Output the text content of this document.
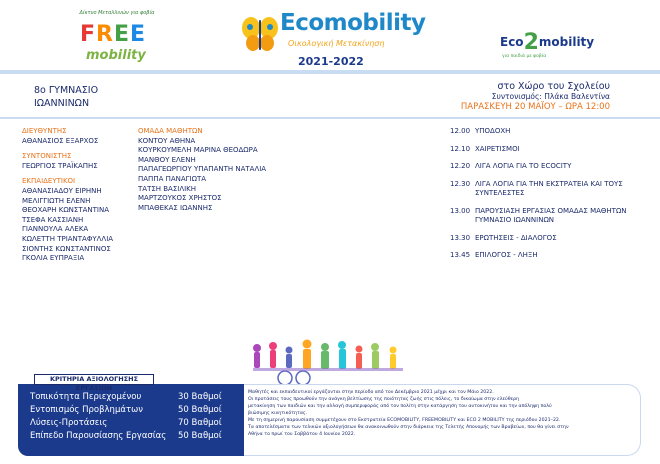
Δίκτυο Μεταλλινών για φοβία
FREE
mobility
Ecomobility
Οικολογική Μετακίνηση
2021-2022
Eco2mobility
για παιδιά με φοβία
8ο ΓΥΜΝΑΣΙΟ
ΙΩΑΝΝΙΝΩΝ
στο Χώρο του Σχολείου
Συντονισμός: Πλάκα Βαλεντίνα
ΠΑΡΑΣΚΕΥΗ 20 ΜΑΪΟΥ – ΩΡΑ 12:00
ΔΙΕΥΘΥΝΤΗΣ
ΑΘΑΝΑΣΙΟΣ ΕΞΑΡΧΟΣ
ΣΥΝΤΟΝΙΣΤΗΣ
ΓΕΩΡΓΙΟΣ ΤΡΑΪΚΑΠΗΣ
ΕΚΠΑΙΔΕΥΤΙΚΟΙ
ΑΘΑΝΑΣΙΑΔΟΥ ΕΙΡΗΝΗ
ΜΕΛΙΓΓΙΩΤΗ ΕΛΕΝΗ
ΘΕΟΧΑΡΗ ΚΩΝΣΤΑΝΤΙΝΑ
ΤΣΕΦΑ ΚΑΣΣΙΑΝΗ
ΓΙΑΝΝΟΥΛΑ ΑΛΕΚΑ
ΚΩΛΕΤΤΗ ΤΡΙΑΝΤΑΦΥΛΛΙΑ
ΣΙΟΝΤΗΣ ΚΩΝΣΤΑΝΤΙΝΟΣ
ΓΚΟΛΙΑ ΕΥΠΡΑΞΙΑ
ΟΜΑΔΑ ΜΑΘΗΤΩΝ
ΚΟΝΤΟΥ ΑΘΗΝΑ
ΚΟΥΡΚΟΥΜΕΛΗ ΜΑΡΙΝΑ ΘΕΟΔΩΡΑ
ΜΑΝΘΟΥ ΕΛΕΝΗ
ΠΑΠΑΓΕΩΡΓΙΟΥ ΥΠΑΠΑΝΤΗ ΝΑΤΑΛΙΑ
ΠΑΠΠΑ ΠΑΝΑΓΙΩΤΑ
ΤΑΤΣΗ ΒΑΣΙΛΙΚΗ
ΜΑΡΤΖΟΥΚΟΣ ΧΡΗΣΤΟΣ
ΜΠΑΘΕΚΑΣ ΙΩΑΝΝΗΣ
12.00 ΥΠΟΔΟΧΗ
12.10 ΧΑΙΡΕΤΙΣΜΟΙ
12.20 ΛΙΓΑ ΛΟΓΙΑ ΓΙΑ ΤΟ ECOCITY
12.30 ΛΙΓΑ ΛΟΓΙΑ ΓΙΑ ΤΗΝ ΕΚΣΤΡΑΤΕΙΑ ΚΑΙ ΤΟΥΣ ΣΥΝΤΕΛΕΣΤΕΣ
13.00 ΠΑΡΟΥΣΙΑΣΗ ΕΡΓΑΣΙΑΣ ΟΜΑΔΑΣ ΜΑΘΗΤΩΝ ΓΥΜΝΑΣΙΟ ΙΩΑΝΝΙΝΩΝ
13.30 ΕΡΩΤΗΣΕΙΣ - ΔΙΑΛΟΓΟΣ
13.45 ΕΠΙΛΟΓΟΣ - ΛΗΞΗ
ΚΡΙΤΗΡΙΑ ΑΞΙΟΛΟΓΗΣΗΣ ΕΡΓΑΣΙΩΝ
Τοπικότητα Περιεχομένου	30 Βαθμοί
Εντοπισμός Προβλημάτων	50 Βαθμοί
Λύσεις-Προτάσεις	70 Βαθμοί
Επίπεδο Παρουσίασης Εργασίας 50 Βαθμοί
Μαθητές και εκπαιδευτικοί εργάζονται στην περίοδο από τον Δεκέμβριο 2021 μέχρι και τον Μάιο 2022.
Οι προτάσεις τους προωθούν την ανάγκη βελτίωσης της ποιότητας ζωής στις πόλεις, το δικαίωμα στην ελεύθερη
μετακίνηση των παιδιών και την αλλαγή συμπεριφοράς από τον πολίτη στην κατάργηση του αυτοκινήτου και την απόληψη πολύ
βιώσιμης κινητικότητας.
Με τη σημερινή παρουσίαση συμμετέχουν στο Εκστρατεία ECOMOBILITY, FREEMOBILITY και ECO 2 MOBILITY της περιόδου 2021–22.
Τα αποτελέσματα των τελικών αξιολογήσεων θα ανακοινωθούν στην διάρκεια της Τελετής Απονομής των Βραβείων, που θα γίνει στην
Αθήνα το πρωί του Σαββάτου 4 Ιουνίου 2022.
